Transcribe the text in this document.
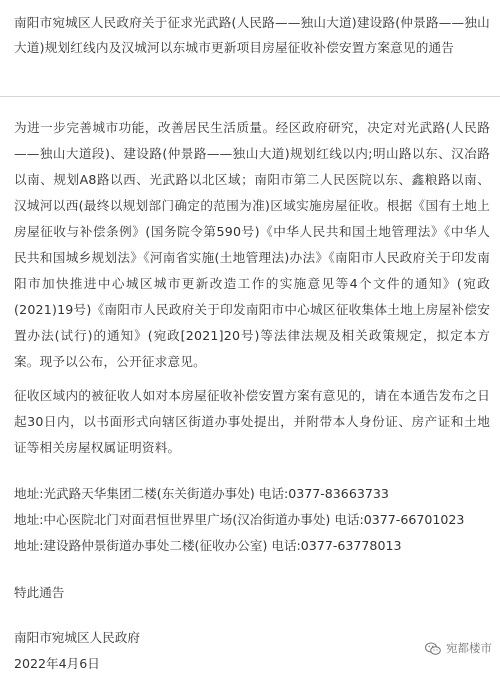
南阳市宛城区人民政府关于征求光武路(人民路——独山大道)建设路(仲景路——独山大道)规划红线内及汉城河以东城市更新项目房屋征收补偿安置方案意见的通告
为进一步完善城市功能，改善居民生活质量。经区政府研究，决定对光武路(人民路——独山大道段)、建设路(仲景路——独山大道)规划红线以内;明山路以东、汉冶路以南、规划A8路以西、光武路以北区域；南阳市第二人民医院以东、鑫粮路以南、汉城河以西(最终以规划部门确定的范围为准)区域实施房屋征收。根据《国有土地上房屋征收与补偿条例》(国务院令第590号)《中华人民共和国土地管理法》《中华人民共和国城乡规划法》《河南省实施(土地管理法)办法》《南阳市人民政府关于印发南阳市加快推进中心城区城市更新改造工作的实施意见等4个文件的通知》(宛政(2021)19号)《南阳市人民政府关于印发南阳市中心城区征收集体土地上房屋补偿安置办法(试行)的通知》(宛政[2021]20号)等法律法规及相关政策规定，拟定本方案。现予以公布，公开征求意见。
征收区域内的被征收人如对本房屋征收补偿安置方案有意见的，请在本通告发布之日起30日内，以书面形式向辖区街道办事处提出，并附带本人身份证、房产证和土地证等相关房屋权属证明资料。
地址:光武路天华集团二楼(东关街道办事处) 电话:0377-83663733
地址:中心医院北门对面君恒世界里广场(汉冶街道办事处) 电话:0377-66701023
地址:建设路仲景街道办事处二楼(征收办公室) 电话:0377-63778013
特此通告
南阳市宛城区人民政府
2022年4月6日
宛都楼市
